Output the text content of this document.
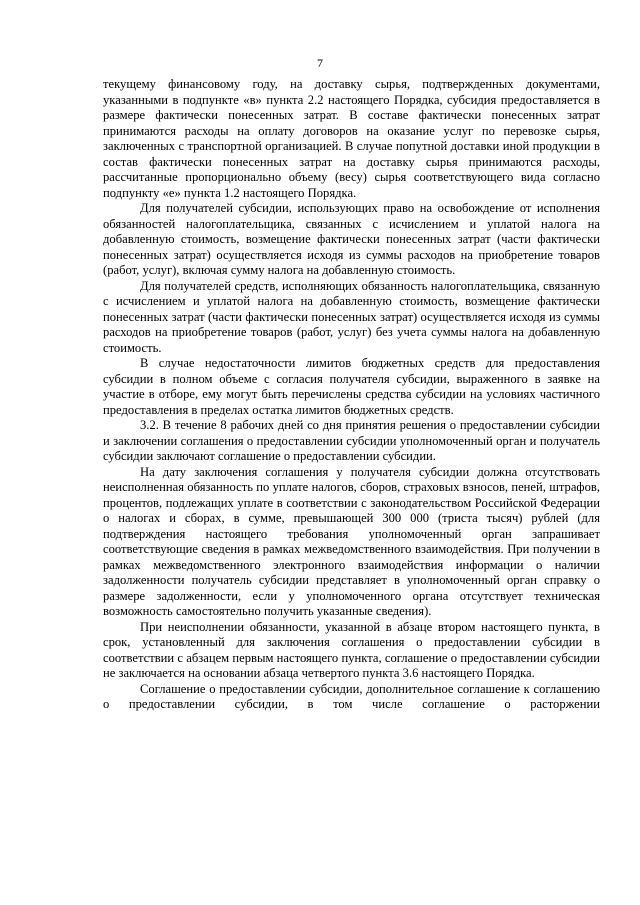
7

текущему финансовому году, на доставку сырья, подтвержденных документами, указанными в подпункте «в» пункта 2.2 настоящего Порядка, субсидия предоставляется в размере фактически понесенных затрат. В составе фактически понесенных затрат принимаются расходы на оплату договоров на оказание услуг по перевозке сырья, заключенных с транспортной организацией. В случае попутной доставки иной продукции в состав фактически понесенных затрат на доставку сырья принимаются расходы, рассчитанные пропорционально объему (весу) сырья соответствующего вида согласно подпункту «е» пункта 1.2 настоящего Порядка.

Для получателей субсидии, использующих право на освобождение от исполнения обязанностей налогоплательщика, связанных с исчислением и уплатой налога на добавленную стоимость, возмещение фактически понесенных затрат (части фактически понесенных затрат) осуществляется исходя из суммы расходов на приобретение товаров (работ, услуг), включая сумму налога на добавленную стоимость.

Для получателей средств, исполняющих обязанность налогоплательщика, связанную с исчислением и уплатой налога на добавленную стоимость, возмещение фактически понесенных затрат (части фактически понесенных затрат) осуществляется исходя из суммы расходов на приобретение товаров (работ, услуг) без учета суммы налога на добавленную стоимость.

В случае недостаточности лимитов бюджетных средств для предоставления субсидии в полном объеме с согласия получателя субсидии, выраженного в заявке на участие в отборе, ему могут быть перечислены средства субсидии на условиях частичного предоставления в пределах остатка лимитов бюджетных средств.

3.2. В течение 8 рабочих дней со дня принятия решения о предоставлении субсидии и заключении соглашения о предоставлении субсидии уполномоченный орган и получатель субсидии заключают соглашение о предоставлении субсидии.

На дату заключения соглашения у получателя субсидии должна отсутствовать неисполненная обязанность по уплате налогов, сборов, страховых взносов, пеней, штрафов, процентов, подлежащих уплате в соответствии с законодательством Российской Федерации о налогах и сборах, в сумме, превышающей 300 000 (триста тысяч) рублей (для подтверждения настоящего требования уполномоченный орган запрашивает соответствующие сведения в рамках межведомственного взаимодействия. При получении в рамках межведомственного электронного взаимодействия информации о наличии задолженности получатель субсидии представляет в уполномоченный орган справку о размере задолженности, если у уполномоченного органа отсутствует техническая возможность самостоятельно получить указанные сведения).

При неисполнении обязанности, указанной в абзаце втором настоящего пункта, в срок, установленный для заключения соглашения о предоставлении субсидии в соответствии с абзацем первым настоящего пункта, соглашение о предоставлении субсидии не заключается на основании абзаца четвертого пункта 3.6 настоящего Порядка.

Соглашение о предоставлении субсидии, дополнительное соглашение к соглашению о предоставлении субсидии, в том числе соглашение о расторжении
